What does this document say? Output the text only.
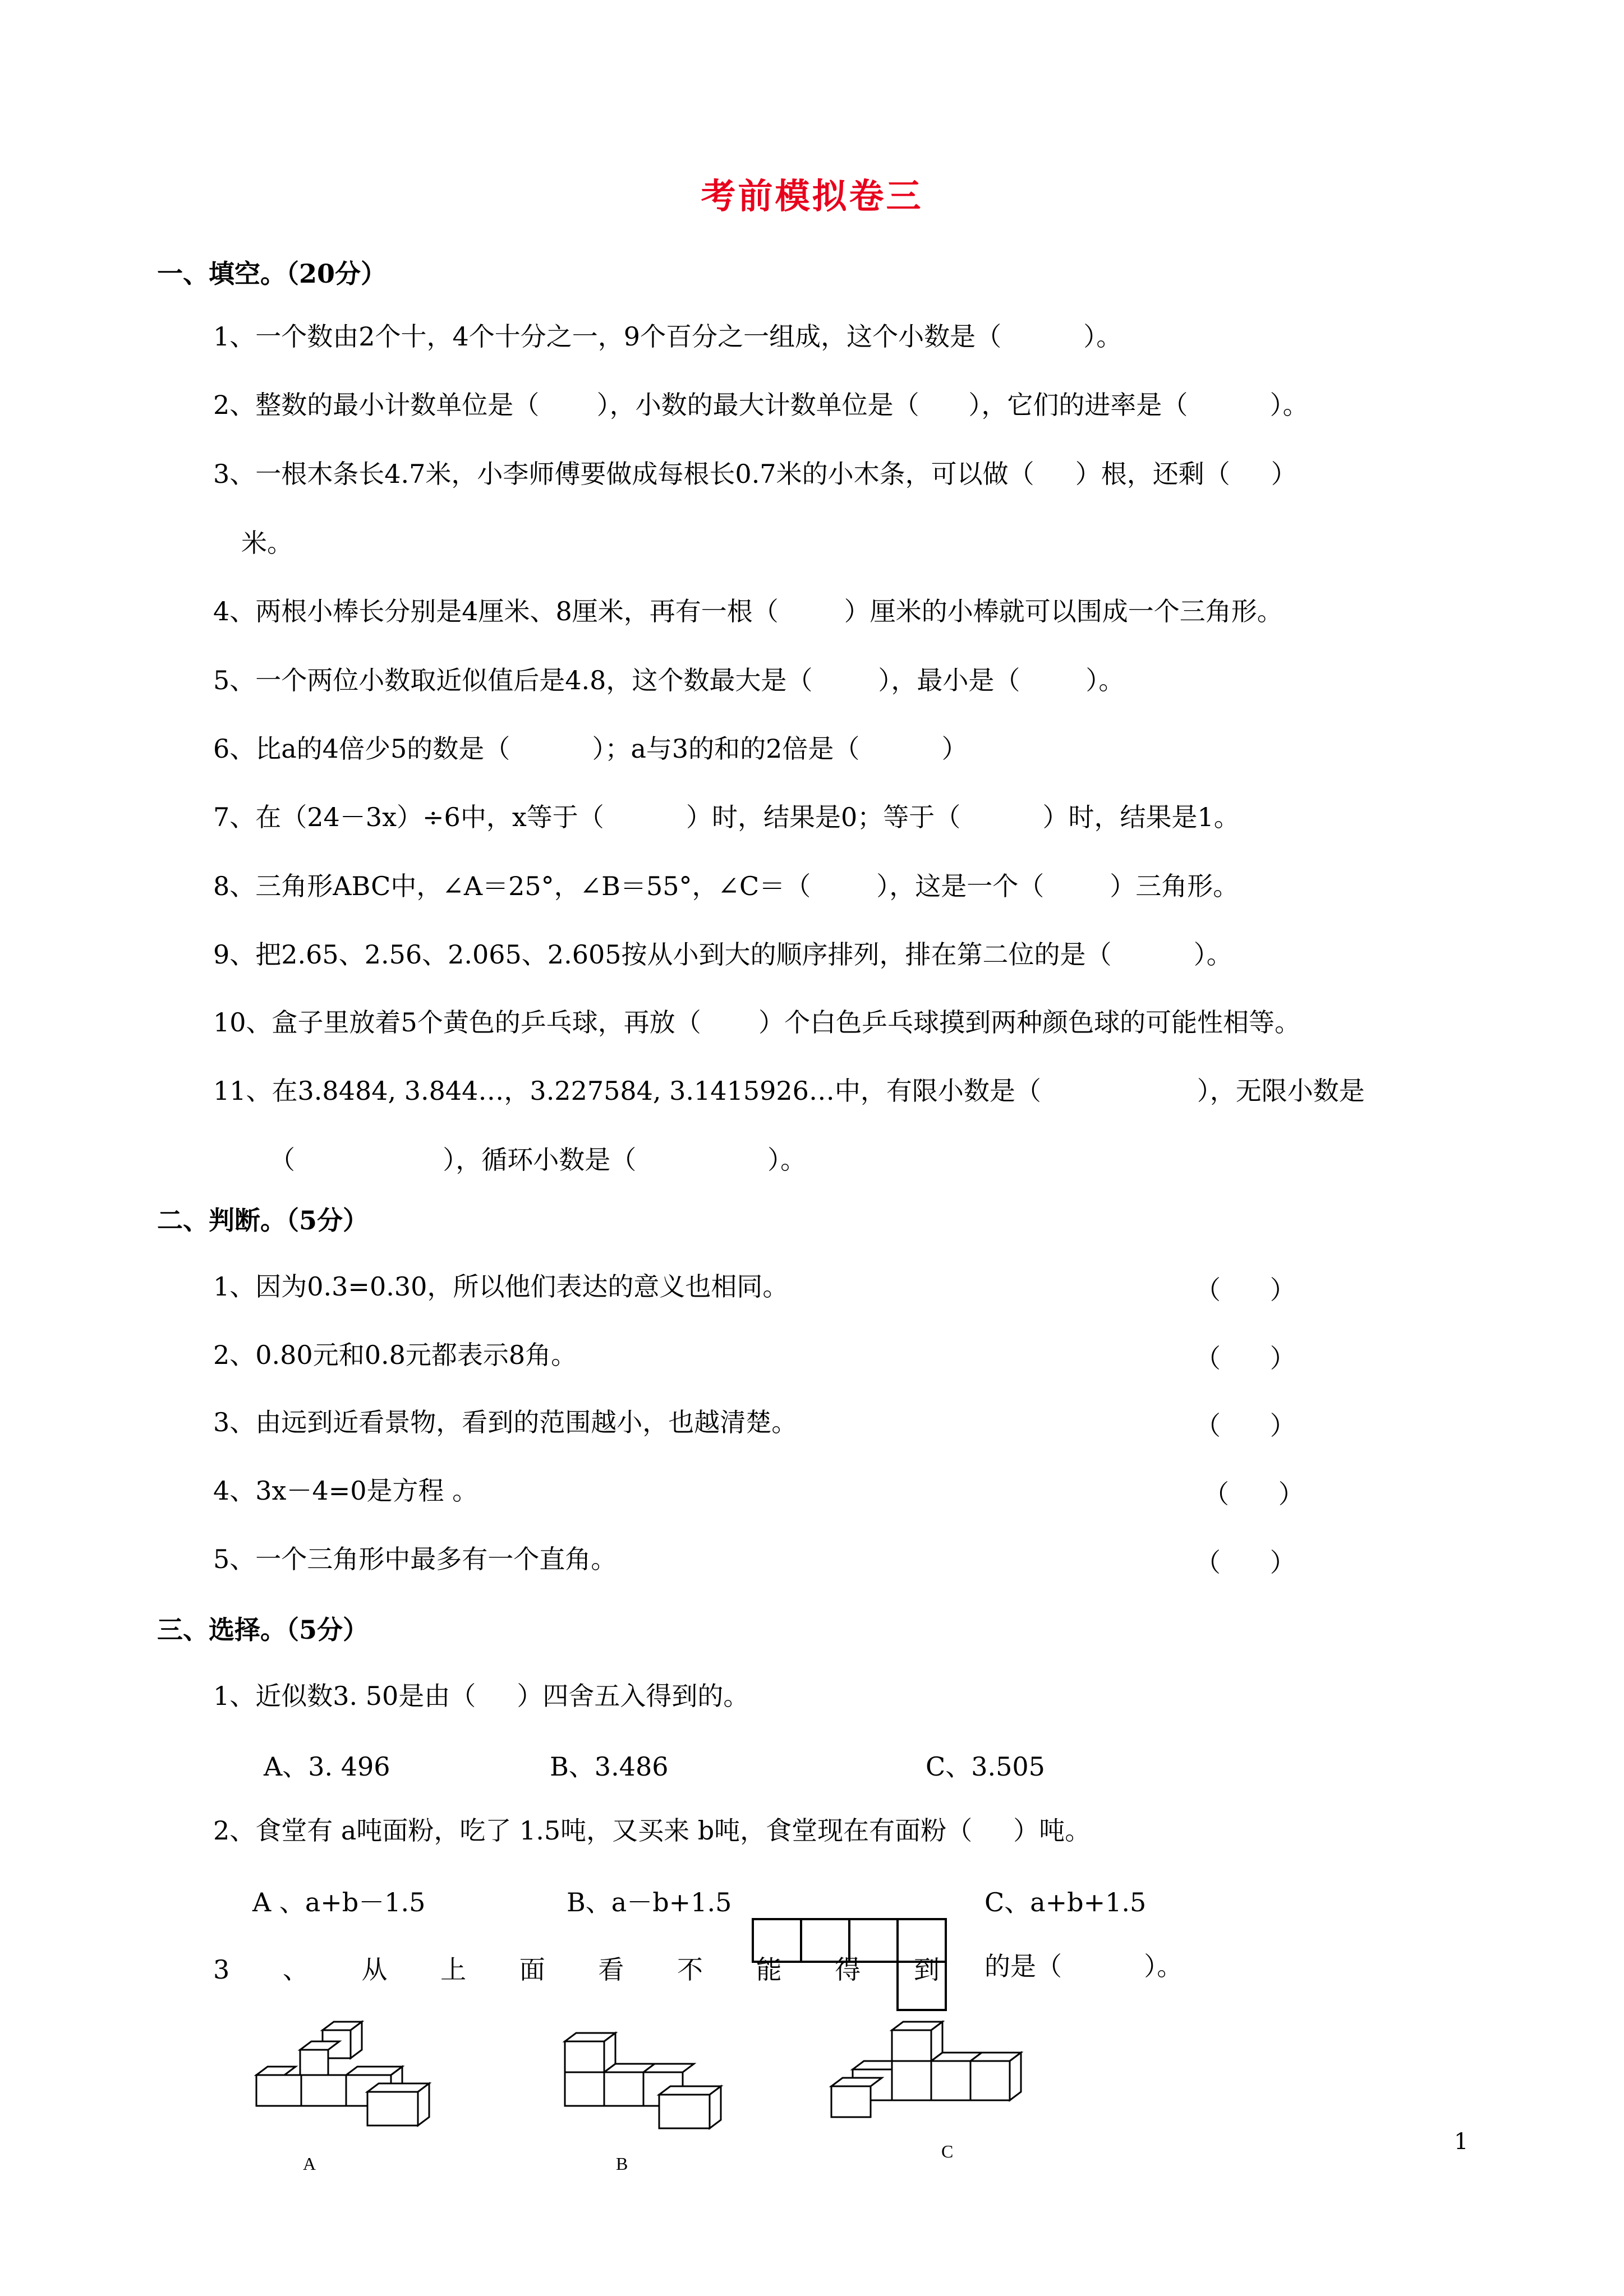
考前模拟卷三
一、填空。（20分）
1、一个数由2个十，4个十分之一，9个百分之一组成，这个小数是（          ）。
2、整数的最小计数单位是（       ），小数的最大计数单位是（      ），它们的进率是（          ）。
3、一根木条长4.7米，小李师傅要做成每根长0.7米的小木条，可以做（     ）根，还剩（     ）
米。
4、两根小棒长分别是4厘米、8厘米，再有一根（        ）厘米的小棒就可以围成一个三角形。
5、一个两位小数取近似值后是4.8，这个数最大是（        ），最小是（        ）。
6、比a的4倍少5的数是（          ）；a与3的和的2倍是（          ）
7、在（24－3x）÷6中，x等于（          ）时，结果是0；等于（          ）时，结果是1。
8、三角形ABC中，∠A＝25°，∠B＝55°，∠C＝（        ），这是一个（        ）三角形。
9、把2.65、2.56、2.065、2.605按从小到大的顺序排列，排在第二位的是（          ）。
10、盒子里放着5个黄色的乒乓球，再放（       ）个白色乒乓球摸到两种颜色球的可能性相等。
11、在3.8484, 3.844…，3.227584, 3.1415926…中，有限小数是（                   ），无限小数是
（                  ），循环小数是（                ）。
二、判断。（5分）
1、因为0.3=0.30，所以他们表达的意义也相同。	（      ）
2、0.80元和0.8元都表示8角。	（      ）
3、由远到近看景物，看到的范围越小，也越清楚。	（      ）
4、3x－4=0是方程 。	（      ）
5、一个三角形中最多有一个直角。	（      ）
三、选择。（5分）
1、近似数3. 50是由（     ）四舍五入得到的。
A、3. 496	B、3.486	C、3.505
2、食堂有 a吨面粉，吃了 1.5吨，又买来 b吨，食堂现在有面粉（     ）吨。
A 、a+b－1.5	B、a－b+1.5	C、a+b+1.5
3 、 从 上 面 看 不 能 得 到 的是（          ）。
A	B
C	1
